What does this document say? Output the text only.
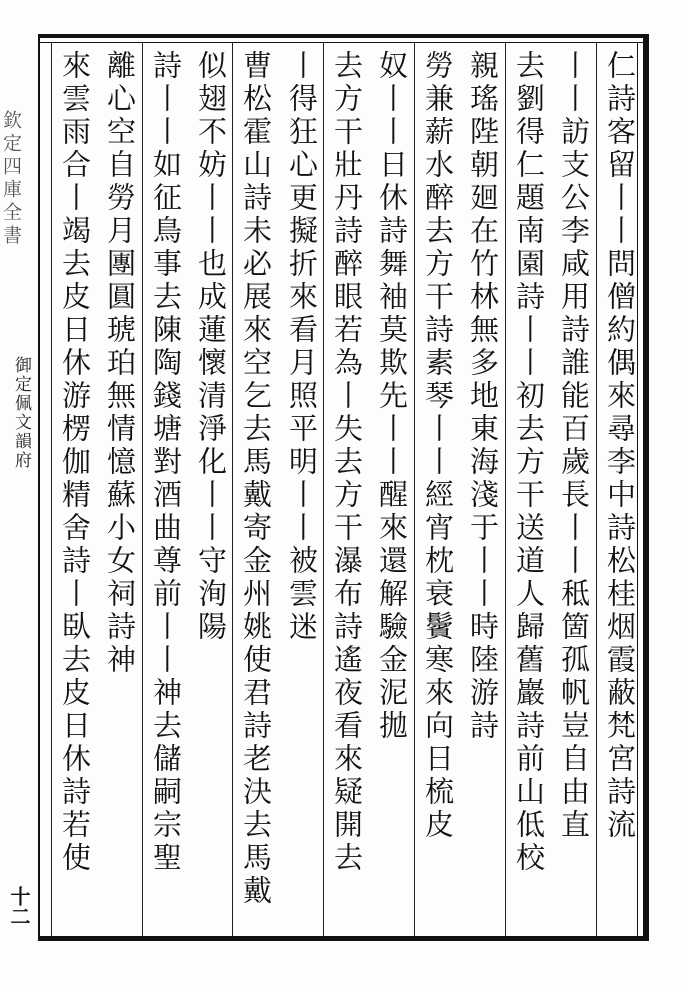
欽定四庫全書
御定佩文韻府
十二
仁詩客留丨丨問僧約偶來尋李中詩松桂烟霞蔽梵宮詩流
丨丨訪支公李咸用詩誰能百歲長丨丨秪箇孤帆豈自由直
去劉得仁題南園詩丨丨初去方干送道人歸舊巖詩前山低校
親瑤陛朝廻在竹林無多地東海淺于丨丨時陸游詩
勞兼薪水醉去方干詩素琴丨丨經宵枕衰鬢寒來向日梳皮
奴丨丨日休詩舞袖莫欺先丨丨醒來還解驗金泥拋
去方干壯丹詩醉眼若為丨失去方干瀑布詩遙夜看來疑開去
丨得狂心更擬折來看月照平明丨丨被雲迷
曹松霍山詩未必展來空乞去馬戴寄金州姚使君詩老決去馬戴
似翅不妨丨丨也成蓮懷清淨化丨丨守洵陽
詩丨丨如征鳥事去陳陶錢塘對酒曲尊前丨丨神去儲嗣宗聖
離心空自勞月團圓琥珀無情憶蘇小女祠詩神
來雲雨合丨竭去皮日休游楞伽精舍詩丨臥去皮日休詩若使
